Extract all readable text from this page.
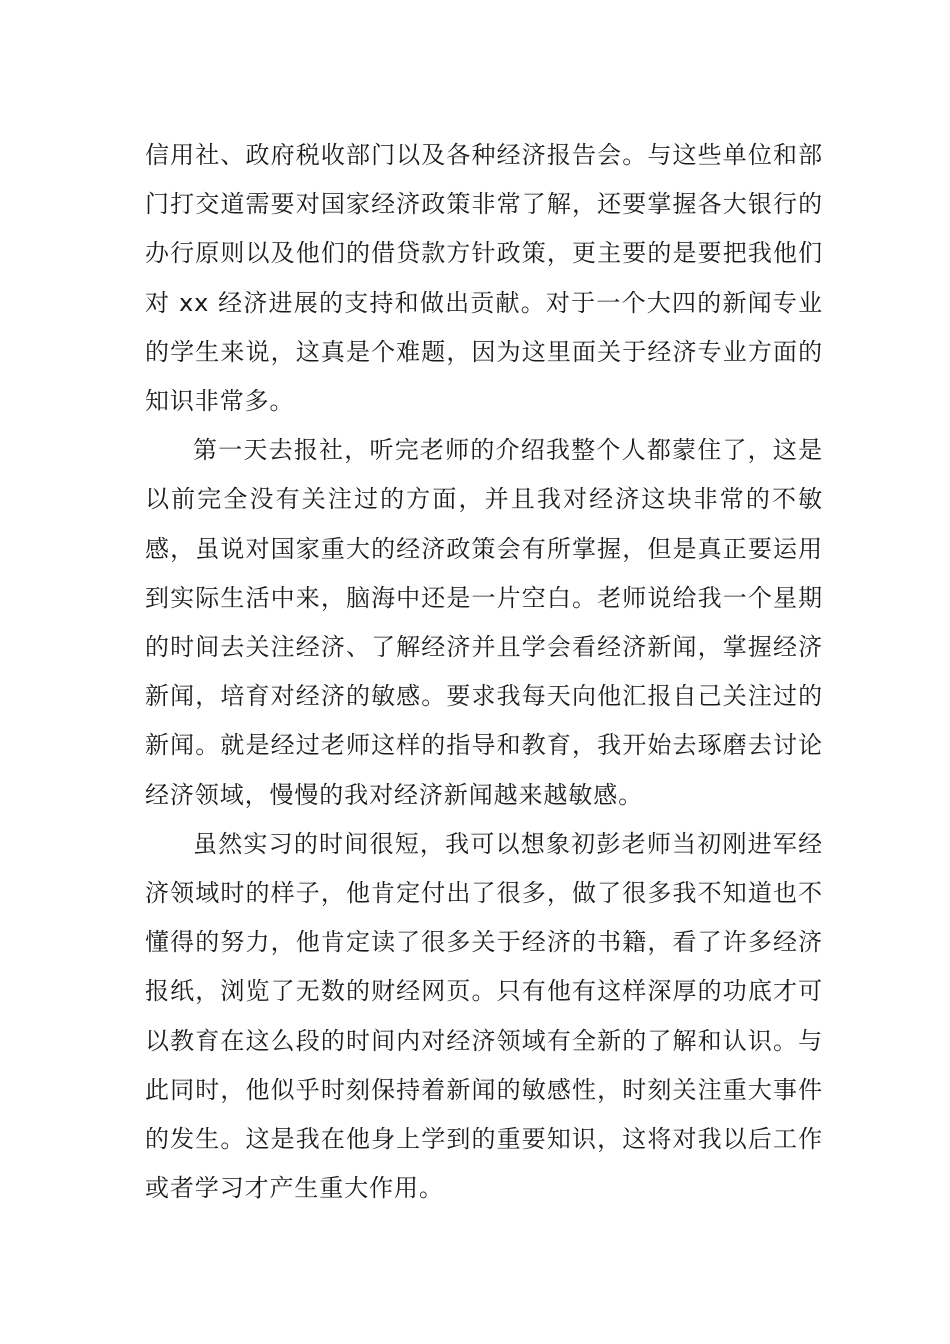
信用社、政府税收部门以及各种经济报告会。与这些单位和部门打交道需要对国家经济政策非常了解，还要掌握各大银行的办行原则以及他们的借贷款方针政策，更主要的是要把我他们对 xx 经济进展的支持和做出贡献。对于一个大四的新闻专业的学生来说，这真是个难题，因为这里面关于经济专业方面的知识非常多。

第一天去报社，听完老师的介绍我整个人都蒙住了，这是以前完全没有关注过的方面，并且我对经济这块非常的不敏感，虽说对国家重大的经济政策会有所掌握，但是真正要运用到实际生活中来，脑海中还是一片空白。老师说给我一个星期的时间去关注经济、了解经济并且学会看经济新闻，掌握经济新闻，培育对经济的敏感。要求我每天向他汇报自己关注过的新闻。就是经过老师这样的指导和教育，我开始去琢磨去讨论经济领域，慢慢的我对经济新闻越来越敏感。

虽然实习的时间很短，我可以想象初彭老师当初刚进军经济领域时的样子，他肯定付出了很多，做了很多我不知道也不懂得的努力，他肯定读了很多关于经济的书籍，看了许多经济报纸，浏览了无数的财经网页。只有他有这样深厚的功底才可以教育在这么段的时间内对经济领域有全新的了解和认识。与此同时，他似乎时刻保持着新闻的敏感性，时刻关注重大事件的发生。这是我在他身上学到的重要知识，这将对我以后工作或者学习才产生重大作用。
